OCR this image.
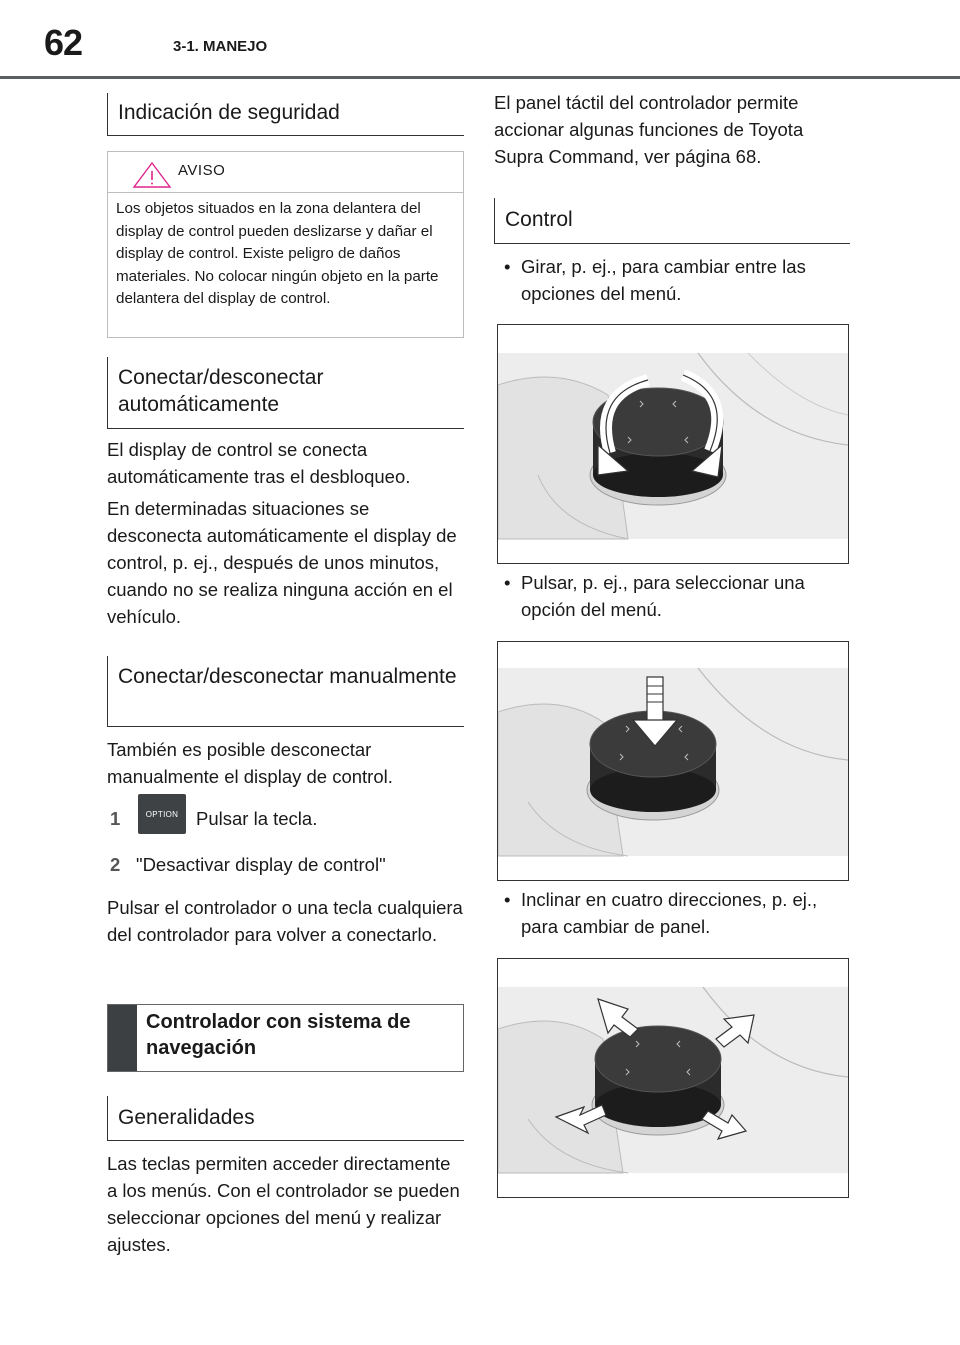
62	3-1. MANEJO
Indicación de seguridad
AVISO
Los objetos situados en la zona delantera del display de control pueden deslizarse y dañar el display de control. Existe peligro de daños materiales. No colocar ningún objeto en la parte delantera del display de control.
Conectar/desconectar automáticamente

El display de control se conecta automáticamente tras el desbloqueo.

En determinadas situaciones se desconecta automáticamente el display de control, p. ej., después de unos minutos, cuando no se realiza ninguna acción en el vehículo.

Conectar/desconectar manualmente

También es posible desconectar manualmente el display de control.

1	OPTION Pulsar la tecla.
2 "Desactivar display de control"

Pulsar el controlador o una tecla cualquiera del controlador para volver a conectarlo.

Controlador con sistema de navegación
Generalidades

Las teclas permiten acceder directamente a los menús. Con el controlador se pueden seleccionar opciones del menú y realizar ajustes.

El panel táctil del controlador permite accionar algunas funciones de Toyota Supra Command, ver página 68.

Control
• Girar, p. ej., para cambiar entre las opciones del menú.
• Pulsar, p. ej., para seleccionar una opción del menú.
• Inclinar en cuatro direcciones, p. ej., para cambiar de panel.
